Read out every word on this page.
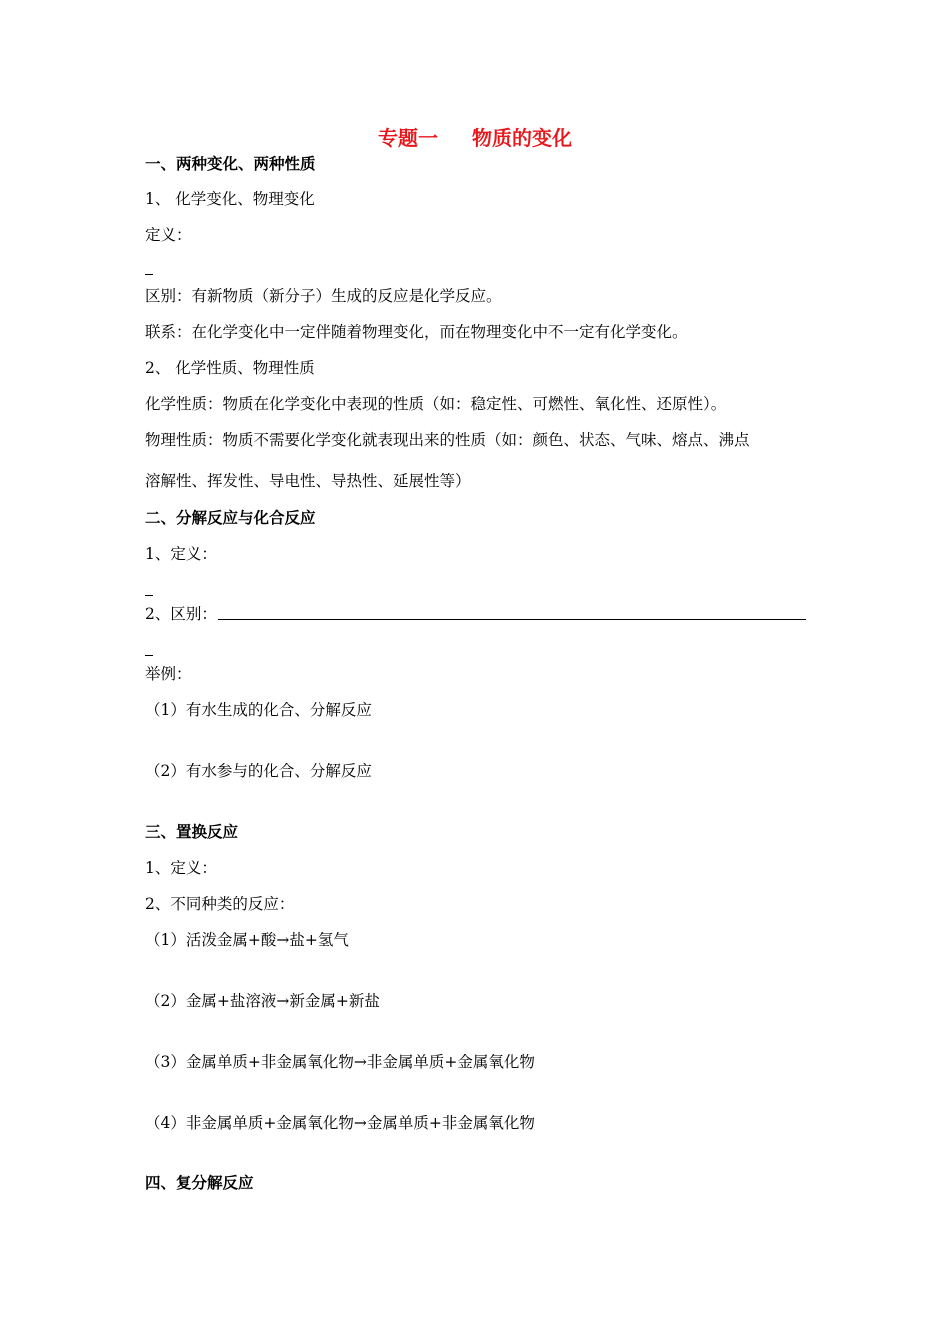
专题一 物质的变化
一、两种变化、两种性质
1、 化学变化、物理变化
定义：
区别：有新物质（新分子）生成的反应是化学反应。
联系：在化学变化中一定伴随着物理变化，而在物理变化中不一定有化学变化。
2、 化学性质、物理性质
化学性质：物质在化学变化中表现的性质（如：稳定性、可燃性、氧化性、还原性）。
物理性质：物质不需要化学变化就表现出来的性质（如：颜色、状态、气味、熔点、沸点
溶解性、挥发性、导电性、导热性、延展性等）
二、分解反应与化合反应
1、定义：
2、区别：
举例：
（1）有水生成的化合、分解反应
（2）有水参与的化合、分解反应
三、置换反应
1、定义：
2、不同种类的反应：
（1）活泼金属+酸→盐+氢气
（2）金属+盐溶液→新金属+新盐
（3）金属单质+非金属氧化物→非金属单质+金属氧化物
（4）非金属单质+金属氧化物→金属单质+非金属氧化物
四、复分解反应
